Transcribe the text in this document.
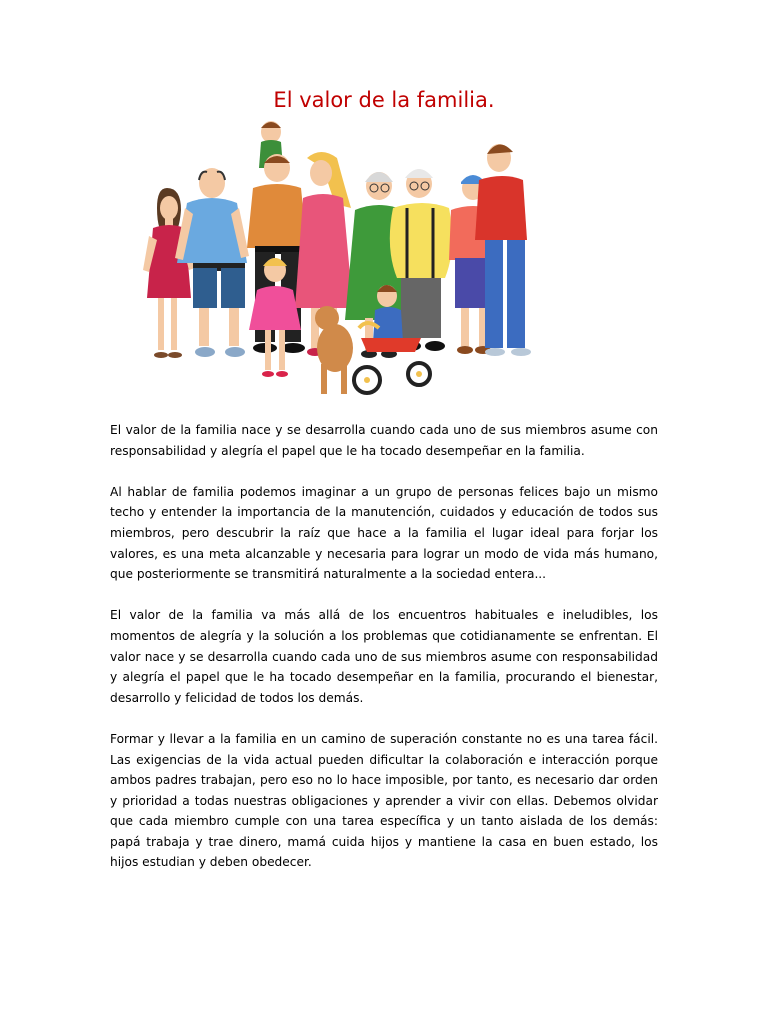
El valor de la familia.

El valor de la familia nace y se desarrolla cuando cada uno de sus miembros asume con responsabilidad y alegría el papel que le ha tocado desempeñar en la familia.

Al hablar de familia podemos imaginar a un grupo de personas felices bajo un mismo techo y entender la importancia de la manutención, cuidados y educación de todos sus miembros, pero descubrir la raíz que hace a la familia el lugar ideal para forjar los valores, es una meta alcanzable y necesaria para lograr un modo de vida más humano, que posteriormente se transmitirá naturalmente a la sociedad entera...

El valor de la familia va más allá de los encuentros habituales e ineludibles, los momentos de alegría y la solución a los problemas que cotidianamente se enfrentan. El valor nace y se desarrolla cuando cada uno de sus miembros asume con responsabilidad y alegría el papel que le ha tocado desempeñar en la familia, procurando el bienestar, desarrollo y felicidad de todos los demás.

Formar y llevar a la familia en un camino de superación constante no es una tarea fácil. Las exigencias de la vida actual pueden dificultar la colaboración e interacción porque ambos padres trabajan, pero eso no lo hace imposible, por tanto, es necesario dar orden y prioridad a todas nuestras obligaciones y aprender a vivir con ellas. Debemos olvidar que cada miembro cumple con una tarea específica y un tanto aislada de los demás: papá trabaja y trae dinero, mamá cuida hijos y mantiene la casa en buen estado, los hijos estudian y deben obedecer.
